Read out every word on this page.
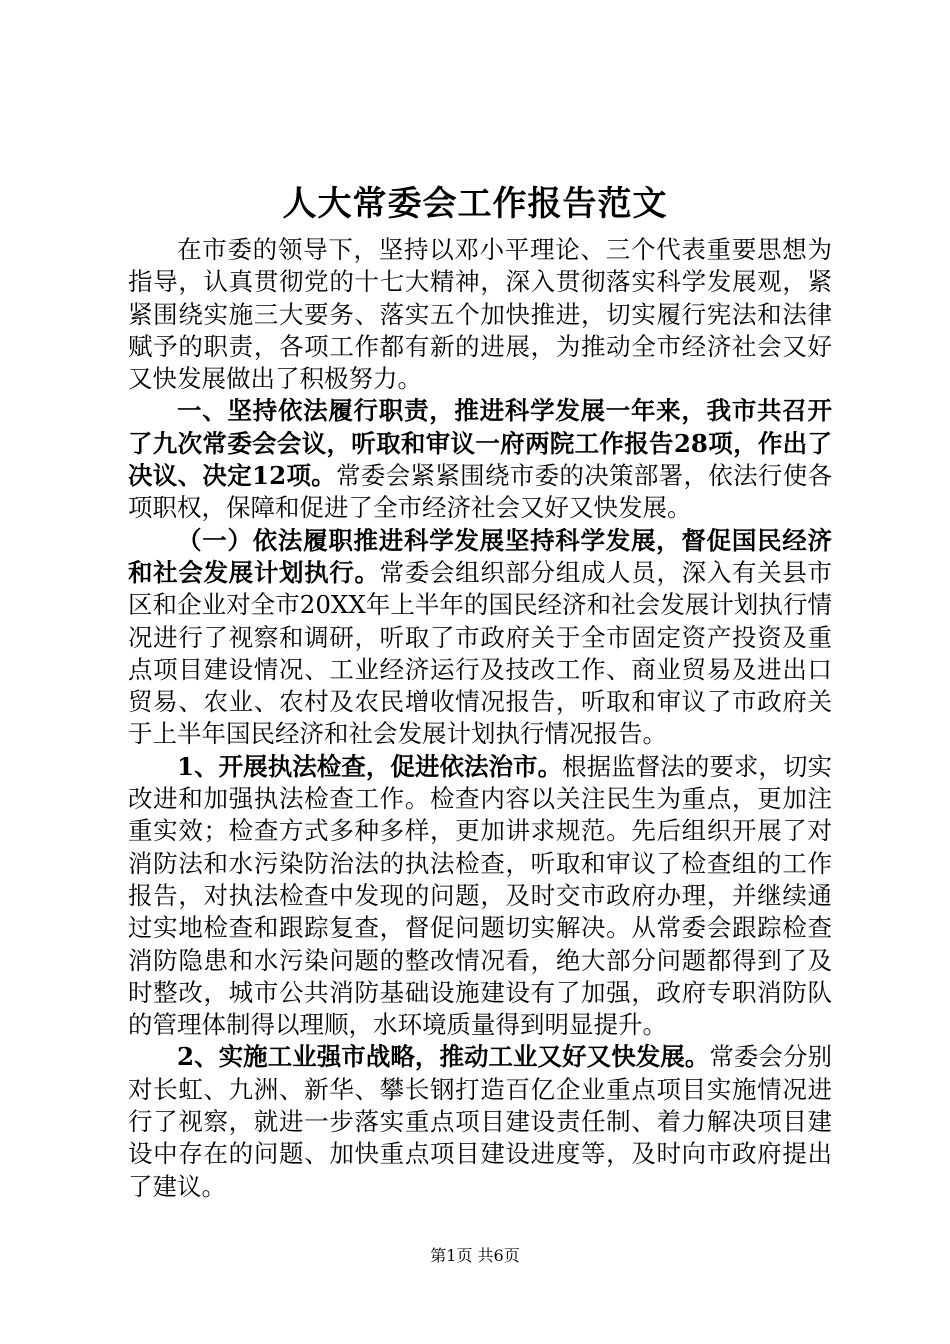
人大常委会工作报告范文

在市委的领导下，坚持以邓小平理论、三个代表重要思想为指导，认真贯彻党的十七大精神，深入贯彻落实科学发展观，紧紧围绕实施三大要务、落实五个加快推进，切实履行宪法和法律赋予的职责，各项工作都有新的进展，为推动全市经济社会又好又快发展做出了积极努力。

一、坚持依法履行职责，推进科学发展一年来，我市共召开了九次常委会会议，听取和审议一府两院工作报告28项，作出了决议、决定12项。常委会紧紧围绕市委的决策部署，依法行使各项职权，保障和促进了全市经济社会又好又快发展。

（一）依法履职推进科学发展坚持科学发展，督促国民经济和社会发展计划执行。常委会组织部分组成人员，深入有关县市区和企业对全市20XX年上半年的国民经济和社会发展计划执行情况进行了视察和调研，听取了市政府关于全市固定资产投资及重点项目建设情况、工业经济运行及技改工作、商业贸易及进出口贸易、农业、农村及农民增收情况报告，听取和审议了市政府关于上半年国民经济和社会发展计划执行情况报告。

1、开展执法检查，促进依法治市。根据监督法的要求，切实改进和加强执法检查工作。检查内容以关注民生为重点，更加注重实效；检查方式多种多样，更加讲求规范。先后组织开展了对消防法和水污染防治法的执法检查，听取和审议了检查组的工作报告，对执法检查中发现的问题，及时交市政府办理，并继续通过实地检查和跟踪复查，督促问题切实解决。从常委会跟踪检查消防隐患和水污染问题的整改情况看，绝大部分问题都得到了及时整改，城市公共消防基础设施建设有了加强，政府专职消防队的管理体制得以理顺，水环境质量得到明显提升。

2、实施工业强市战略，推动工业又好又快发展。常委会分别对长虹、九洲、新华、攀长钢打造百亿企业重点项目实施情况进行了视察，就进一步落实重点项目建设责任制、着力解决项目建设中存在的问题、加快重点项目建设进度等，及时向市政府提出了建议。

第1页 共6页
